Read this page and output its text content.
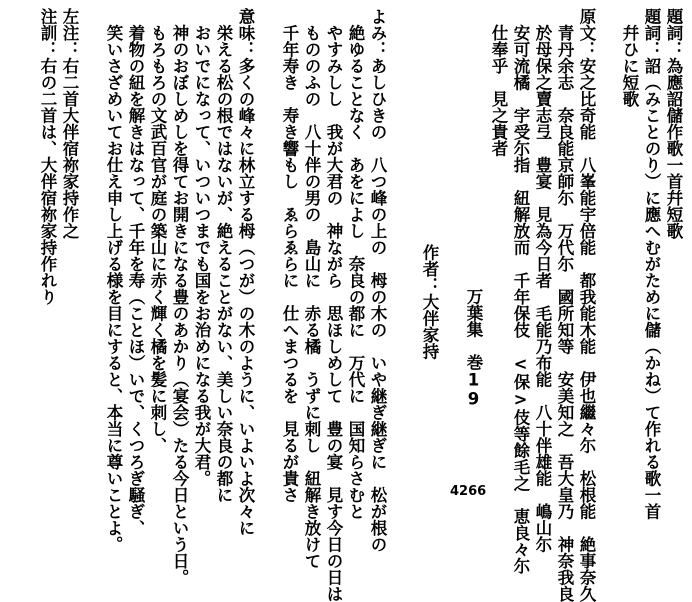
題詞：為應詔儲作歌一首幷短歌
題詞：詔（みことのり）に應へむがために儲（かね）て作れる歌一首
　幷ひに短歌
原文：安之比奇能　八峯能宇倍能　都我能木能　伊也繼々尓　松根能　絶事奈久
　青丹余志　奈良能京師尓　万代尓　國所知等　安美知之　吾大皇乃　神奈我良
　於母保之賣志弖　豊宴　見為今日者　毛能乃布能　八十伴雄能　嶋山尓
　安可流橘　宇受尓指　紐解放而　千年保伎　<保>伎等餘毛之　恵良々尓
　仕奉乎　見之貴者
万葉集　巻19
4266
作者：大伴家持
よみ：あしひきの　八つ峰の上の　栂の木の　いや継ぎ継ぎに　松が根の
　絶ゆることなく　あをによし　奈良の都に　万代に　国知らさむと
　やすみしし　我が大君の　神ながら　思ほしめして　豊の宴　見す今日の日は
　もののふの　八十伴の男の　島山に　赤る橘　うずに刺し　紐解き放けて
　千年寿き　寿き響もし　ゑらゑらに　仕へまつるを　見るが貴さ
意味：多くの峰々に林立する栂（つが）の木のように、いよいよ次々に
　栄える松の根ではないが、絶えることがない、美しい奈良の都に
　おいでになって、いついつまでも国をお治めになる我が大君。
　神のおぼしめしを得てお開きになる豊のあかり（宴会）たる今日という日。
　もろもろの文武百官が庭の築山に赤く輝く橘を髪に刺し、
　着物の紐を解きはなって、千年を寿（ことほ）いで、くつろぎ騒ぎ、
　笑いさざめいてお仕え申し上げる様を目にすると、本当に尊いことよ。
左注：右二首大伴宿祢家持作之
注訓：右の二首は、大伴宿祢家持作れり
